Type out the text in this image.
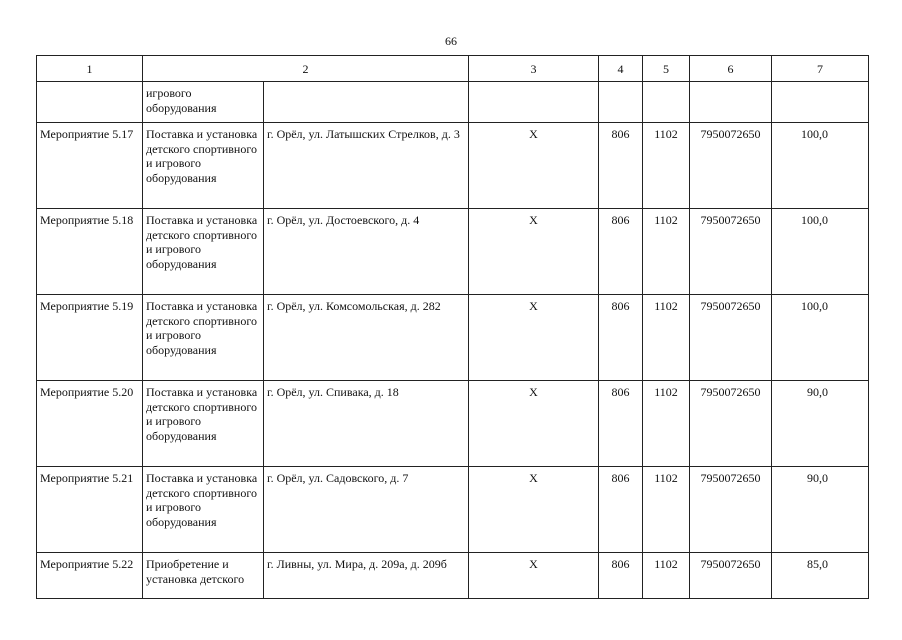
66
1	2		3	4	5	6	7
	игрового оборудования						
Мероприятие 5.17	Поставка и установка детского спортивного и игрового оборудования	г. Орёл, ул. Латышских Стрелков, д. 3	Х	806	1102	7950072650	100,0
Мероприятие 5.18	Поставка и установка детского спортивного и игрового оборудования	г. Орёл, ул. Достоевского, д. 4	Х	806	1102	7950072650	100,0
Мероприятие 5.19	Поставка и установка детского спортивного и игрового оборудования	г. Орёл, ул. Комсомольская, д. 282	Х	806	1102	7950072650	100,0
Мероприятие 5.20	Поставка и установка детского спортивного и игрового оборудования	г. Орёл, ул. Спивака, д. 18	Х	806	1102	7950072650	90,0
Мероприятие 5.21	Поставка и установка детского спортивного и игрового оборудования	г. Орёл, ул. Садовского, д. 7	Х	806	1102	7950072650	90,0
Мероприятие 5.22	Приобретение и установка детского	г. Ливны, ул. Мира, д. 209а, д. 209б	Х	806	1102	7950072650	85,0
